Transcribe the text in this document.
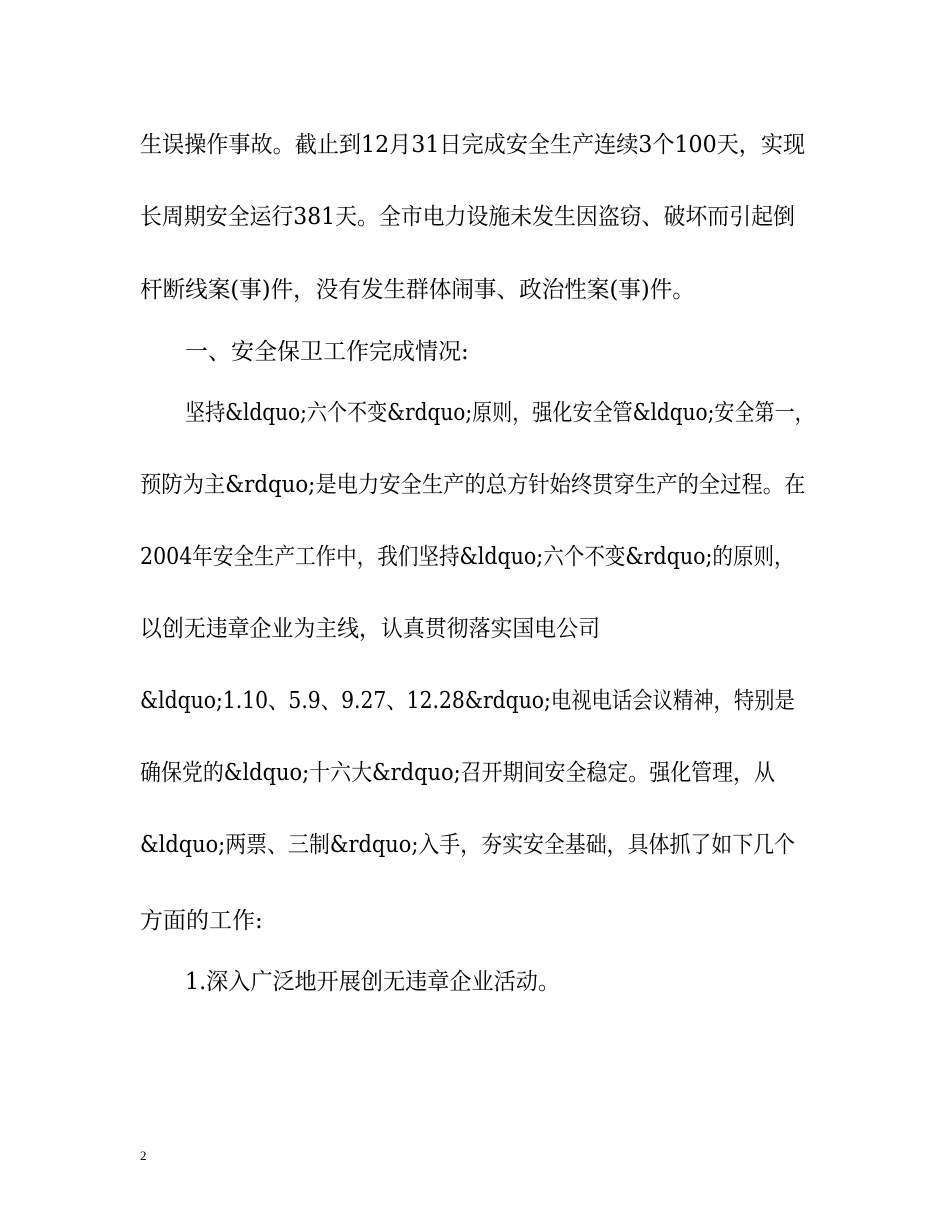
生误操作事故。截止到12月31日完成安全生产连续3个100天，实现
长周期安全运行381天。全市电力设施未发生因盗窃、破坏而引起倒
杆断线案(事)件，没有发生群体闹事、政治性案(事)件。
一、安全保卫工作完成情况:
坚持&ldquo;六个不变&rdquo;原则，强化安全管&ldquo;安全第一，
预防为主&rdquo;是电力安全生产的总方针始终贯穿生产的全过程。在
2004年安全生产工作中，我们坚持&ldquo;六个不变&rdquo;的原则，
以创无违章企业为主线，认真贯彻落实国电公司
&ldquo;1.10、5.9、9.27、12.28&rdquo;电视电话会议精神，特别是
确保党的&ldquo;十六大&rdquo;召开期间安全稳定。强化管理，从
&ldquo;两票、三制&rdquo;入手，夯实安全基础，具体抓了如下几个
方面的工作:
1.深入广泛地开展创无违章企业活动。
2
